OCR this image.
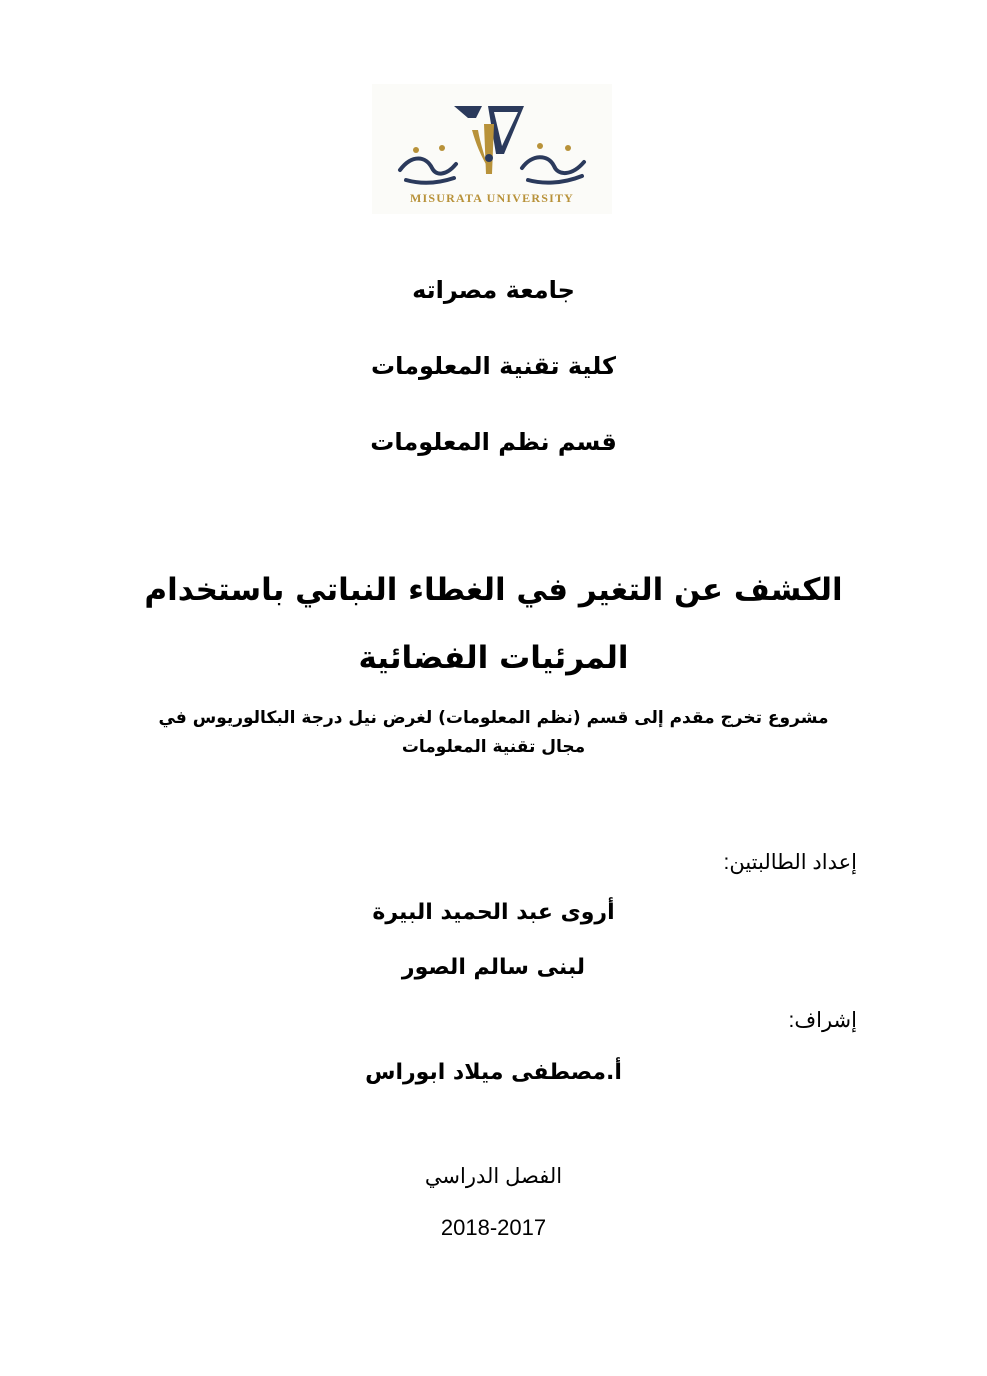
MISURATA UNIVERSITY
جامعة مصراته
كلية تقنية المعلومات
قسم نظم المعلومات
الكشف عن التغير في الغطاء النباتي باستخدام
المرئيات الفضائية
مشروع تخرج مقدم إلى قسم (نظم المعلومات) لغرض نيل درجة البكالوريوس في
مجال تقنية المعلومات
إعداد الطالبتين:
أروى عبد الحميد البيرة
لبنى سالم الصور
إشراف:
أ.مصطفى ميلاد ابوراس
الفصل الدراسي
2018-2017
